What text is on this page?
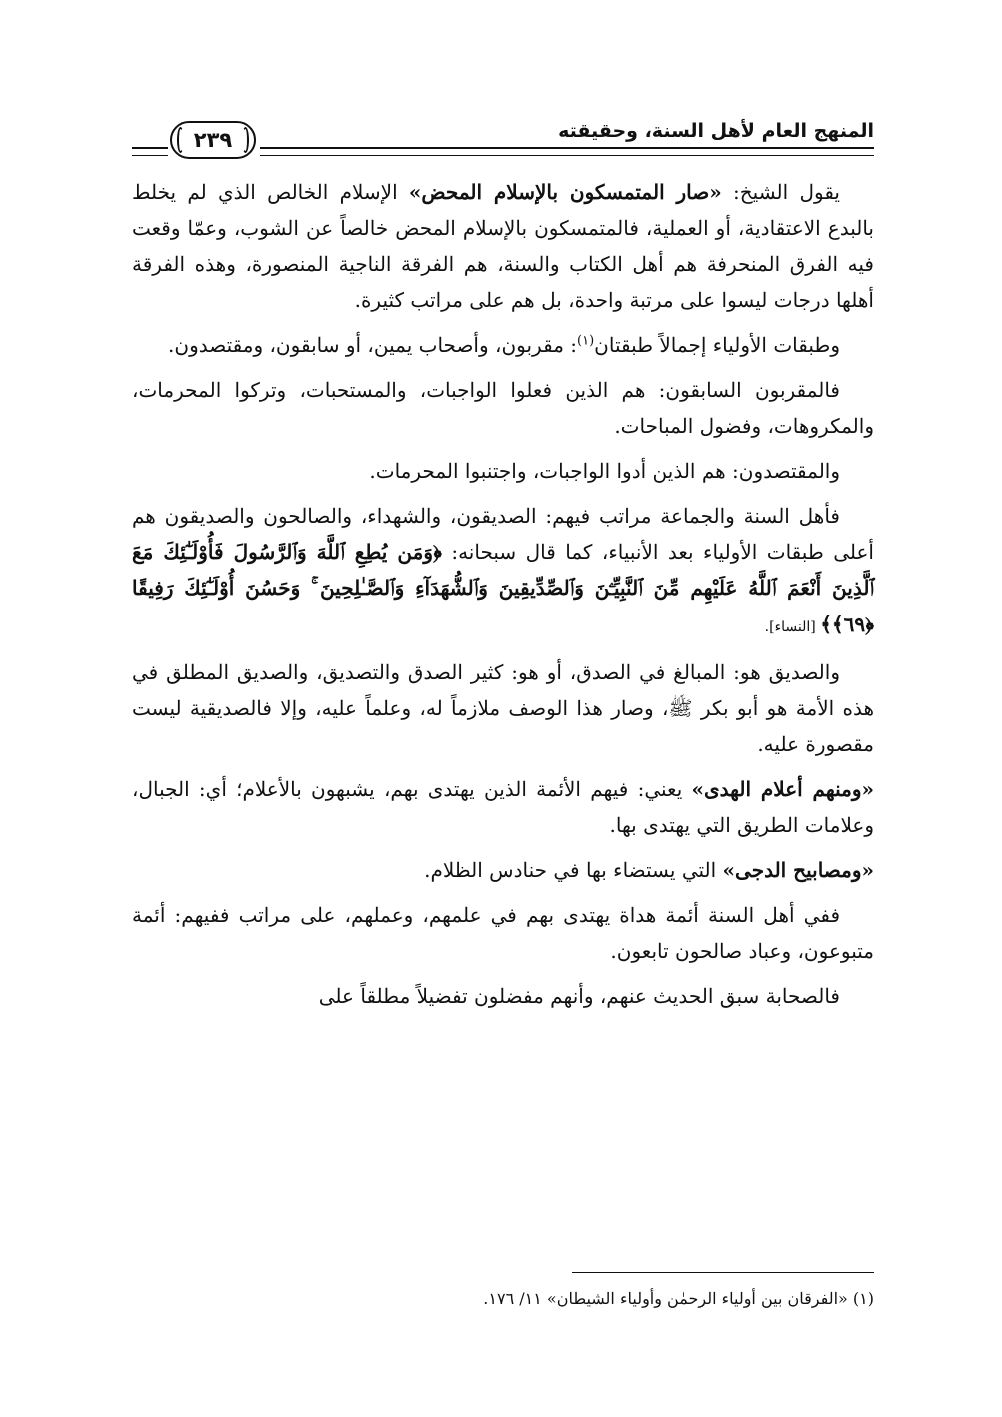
المنهج العام لأهل السنة، وحقيقته
٢٣٩

يقول الشيخ: «صار المتمسكون بالإسلام المحض» الإسلام الخالص الذي لم يخلط بالبدع الاعتقادية، أو العملية، فالمتمسكون بالإسلام المحض خالصاً عن الشوب، وعمّا وقعت فيه الفرق المنحرفة هم أهل الكتاب والسنة، هم الفرقة الناجية المنصورة، وهذه الفرقة أهلها درجات ليسوا على مرتبة واحدة، بل هم على مراتب كثيرة.

وطبقات الأولياء إجمالاً طبقتان$^{(١)}$: مقربون، وأصحاب يمين، أو سابقون، ومقتصدون.

فالمقربون السابقون: هم الذين فعلوا الواجبات، والمستحبات، وتركوا المحرمات، والمكروهات، وفضول المباحات.

والمقتصدون: هم الذين أدوا الواجبات، واجتنبوا المحرمات.

فأهل السنة والجماعة مراتب فيهم: الصديقون، والشهداء، والصالحون والصديقون هم أعلى طبقات الأولياء بعد الأنبياء، كما قال سبحانه: ﴿وَمَن يُطِعِ ٱللَّهَ وَٱلرَّسُولَ فَأُوْلَـٰٓئِكَ مَعَ ٱلَّذِينَ أَنْعَمَ ٱللَّهُ عَلَيْهِم مِّنَ ٱلنَّبِيِّـۧنَ وَٱلصِّدِّيقِينَ وَٱلشُّهَدَآءِ وَٱلصَّـٰلِحِينَ ۚ وَحَسُنَ أُوْلَـٰٓئِكَ رَفِيقًا ﴿٦٩﴾﴾ [النساء].

والصديق هو: المبالغ في الصدق، أو هو: كثير الصدق والتصديق، والصديق المطلق في هذه الأمة هو أبو بكر ﷺ، وصار هذا الوصف ملازماً له، وعلماً عليه، وإلا فالصديقية ليست مقصورة عليه.

«ومنهم أعلام الهدى» يعني: فيهم الأئمة الذين يهتدى بهم، يشبهون بالأعلام؛ أي: الجبال، وعلامات الطريق التي يهتدى بها.

«ومصابيح الدجى» التي يستضاء بها في حنادس الظلام.

ففي أهل السنة أئمة هداة يهتدى بهم في علمهم، وعملهم، على مراتب ففيهم: أئمة متبوعون، وعباد صالحون تابعون.

فالصحابة سبق الحديث عنهم، وأنهم مفضلون تفضيلاً مطلقاً على

(١) «الفرقان بين أولياء الرحمٰن وأولياء الشيطان» ١١/ ١٧٦.
